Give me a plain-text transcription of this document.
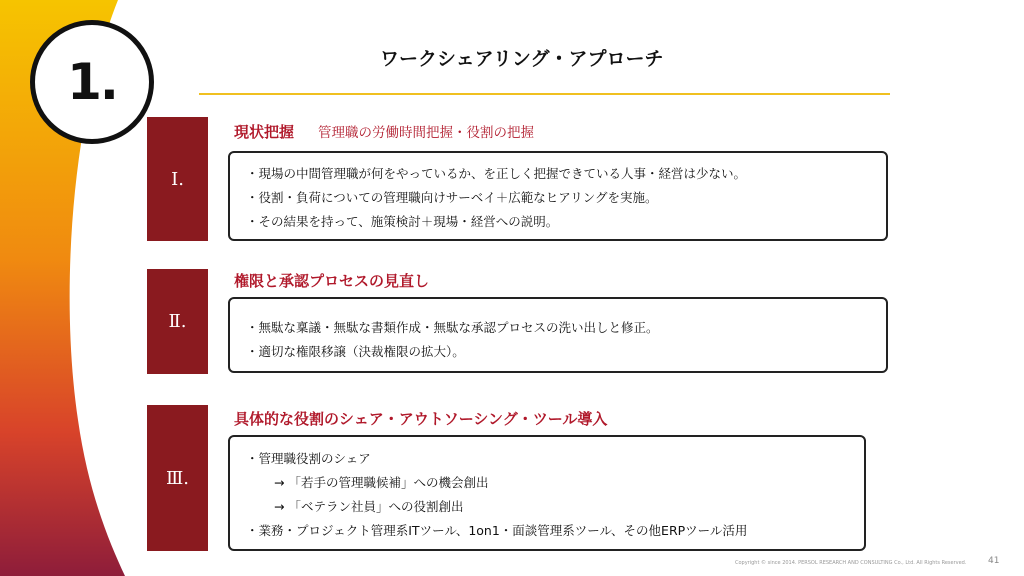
1.	ワークシェアリング・アプローチ
Ⅰ.
現状把握 管理職の労働時間把握・役割の把握
・現場の中間管理職が何をやっているか、を正しく把握できている人事・経営は少ない。
・役割・負荷についての管理職向けサーベイ＋広範なヒアリングを実施。
・その結果を持って、施策検討＋現場・経営への説明。
Ⅱ.
権限と承認プロセスの見直し
・無駄な稟議・無駄な書類作成・無駄な承認プロセスの洗い出しと修正。
・適切な権限移譲（決裁権限の拡大）。
Ⅲ.
具体的な役割のシェア・アウトソーシング・ツール導入
・管理職役割のシェア
→ 「若手の管理職候補」への機会創出
→ 「ベテラン社員」への役割創出
・業務・プロジェクト管理系ITツール、1on1・面談管理系ツール、その他ERPツール活用
Copyright © since 2014. PERSOL RESEARCH AND CONSULTING Co., Ltd. All Rights Reserved. 41
